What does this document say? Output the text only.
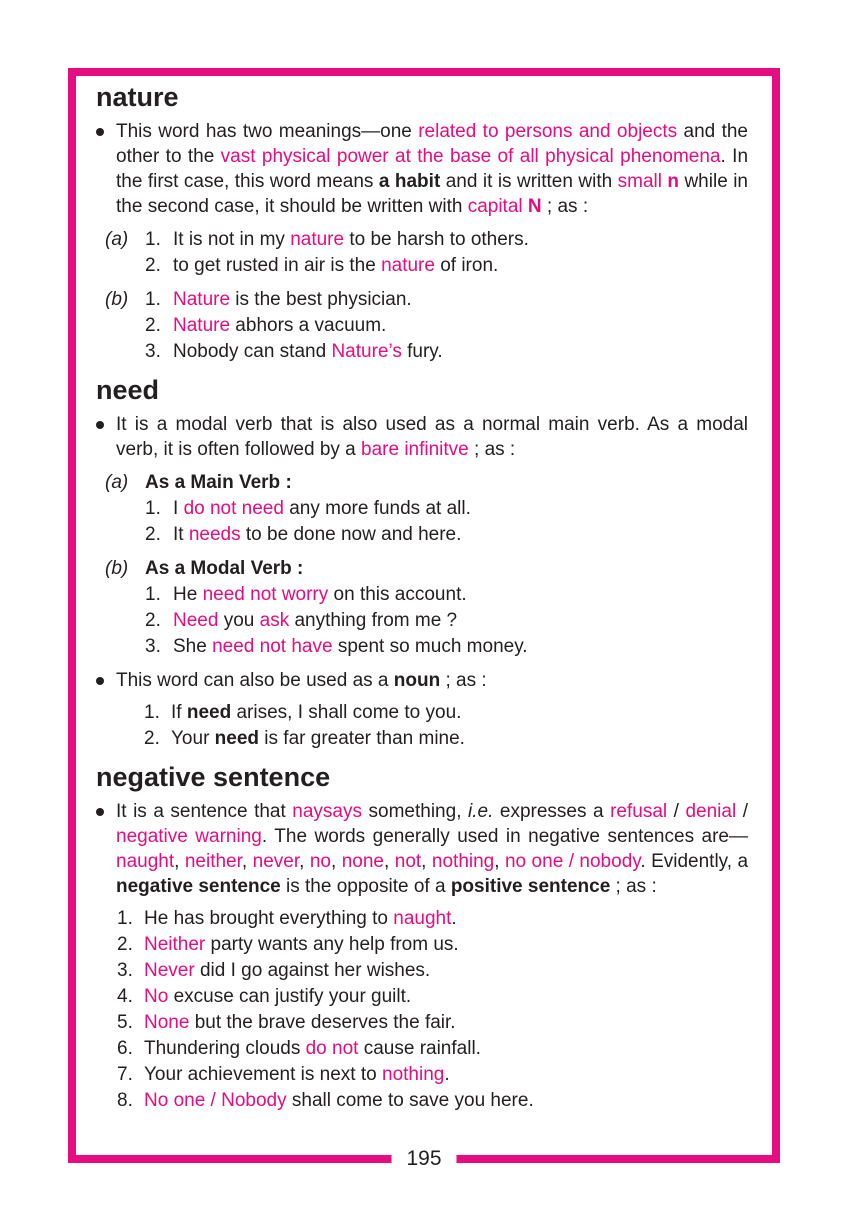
nature
This word has two meanings—one related to persons and objects and the other to the vast physical power at the base of all physical phenomena. In the first case, this word means a habit and it is written with small n while in the second case, it should be written with capital N ; as :
(a) 1. It is not in my nature to be harsh to others.
2. to get rusted in air is the nature of iron.
(b) 1. Nature is the best physician.
2. Nature abhors a vacuum.
3. Nobody can stand Nature’s fury.
need
It is a modal verb that is also used as a normal main verb. As a modal verb, it is often followed by a bare infinitve ; as :
(a) As a Main Verb :
1. I do not need any more funds at all.
2. It needs to be done now and here.
(b) As a Modal Verb :
1. He need not worry on this account.
2. Need you ask anything from me ?
3. She need not have spent so much money.
This word can also be used as a noun ; as :
1. If need arises, I shall come to you.
2. Your need is far greater than mine.
negative sentence
It is a sentence that naysays something, i.e. expresses a refusal / denial / negative warning. The words generally used in negative sentences are—naught, neither, never, no, none, not, nothing, no one / nobody. Evidently, a negative sentence is the opposite of a positive sentence ; as :
1. He has brought everything to naught.
2. Neither party wants any help from us.
3. Never did I go against her wishes.
4. No excuse can justify your guilt.
5. None but the brave deserves the fair.
6. Thundering clouds do not cause rainfall.
7. Your achievement is next to nothing.
8. No one / Nobody shall come to save you here.
195
